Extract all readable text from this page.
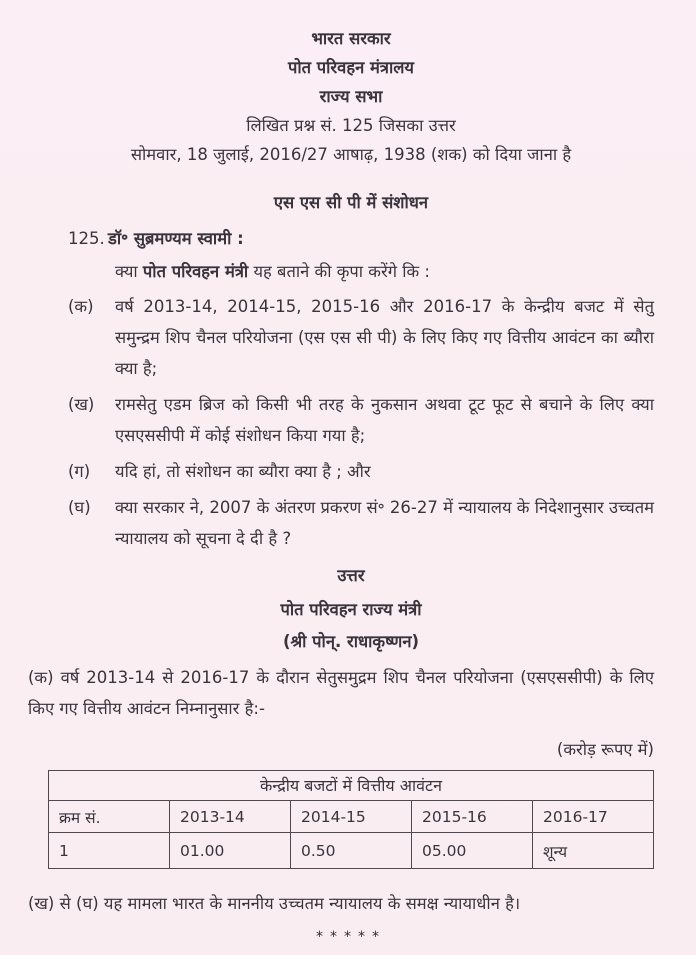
भारत सरकार
पोत परिवहन मंत्रालय
राज्य सभा
लिखित प्रश्न सं. 125 जिसका उत्तर
सोमवार, 18 जुलाई, 2016/27 आषाढ़, 1938 (शक) को दिया जाना है
एस एस सी पी में संशोधन
125. डॉ॰ सुब्रमण्यम स्वामी :
क्या पोत परिवहन मंत्री यह बताने की कृपा करेंगे कि :
(क)	वर्ष 2013-14, 2014-15, 2015-16 और 2016-17 के केन्द्रीय बजट में सेतु समुन्द्रम शिप चैनल परियोजना (एस एस सी पी) के लिए किए गए वित्तीय आवंटन का ब्यौरा क्या है;
(ख)	रामसेतु एडम ब्रिज को किसी भी तरह के नुकसान अथवा टूट फूट से बचाने के लिए क्या एसएससीपी में कोई संशोधन किया गया है;
(ग)	यदि हां, तो संशोधन का ब्यौरा क्या है ; और
(घ)	क्या सरकार ने, 2007 के अंतरण प्रकरण सं॰ 26-27 में न्यायालय के निदेशानुसार उच्चतम न्यायालय को सूचना दे दी है ?
उत्तर
पोत परिवहन राज्य मंत्री
(श्री पोन्. राधाकृष्णन)
(क) वर्ष 2013-14 से 2016-17 के दौरान सेतुसमुद्रम शिप चैनल परियोजना (एसएससीपी) के लिए किए गए वित्तीय आवंटन निम्नानुसार है:-
(करोड़ रूपए में)
केन्द्रीय बजटों में वित्तीय आवंटन				
क्रम सं.	2013-14	2014-15	2015-16	2016-17
1	01.00	0.50	05.00	शून्य
(ख) से (घ) यह मामला भारत के माननीय उच्चतम न्यायालय के समक्ष न्यायाधीन है।
*****
